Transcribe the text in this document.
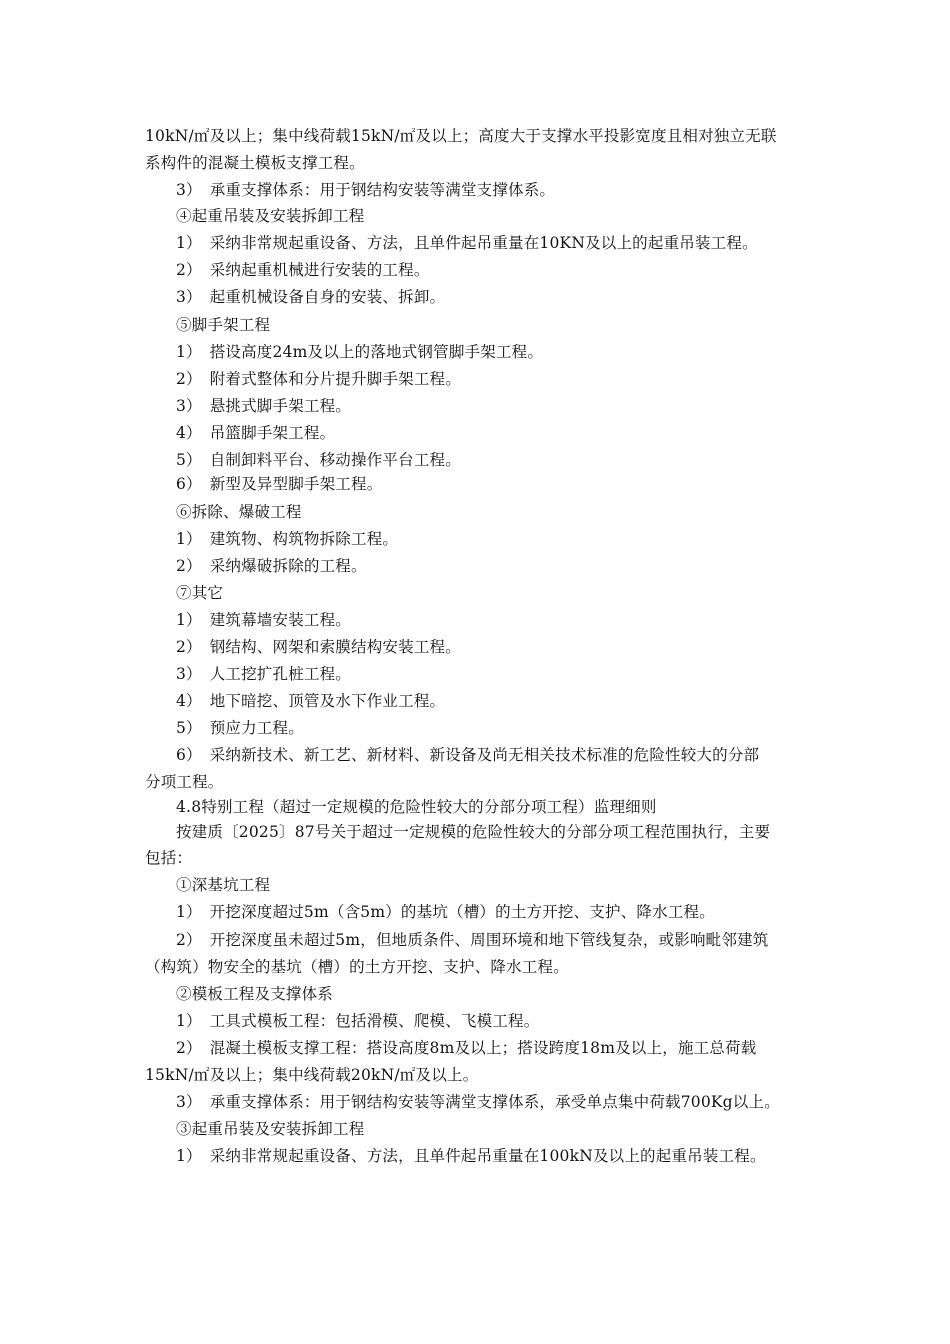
10kN/㎡及以上；集中线荷载15kN/㎡及以上；高度大于支撑水平投影宽度且相对独立无联
系构件的混凝土模板支撑工程。
3）　承重支撑体系：用于钢结构安装等满堂支撑体系。
④起重吊装及安装拆卸工程
1）　采纳非常规起重设备、方法，且单件起吊重量在10KN及以上的起重吊装工程。
2）　采纳起重机械进行安装的工程。
3）　起重机械设备自身的安装、拆卸。
⑤脚手架工程
1）　搭设高度24m及以上的落地式钢管脚手架工程。
2）　附着式整体和分片提升脚手架工程。
3）　悬挑式脚手架工程。
4）　吊篮脚手架工程。
5）　自制卸料平台、移动操作平台工程。
6）　新型及异型脚手架工程。
⑥拆除、爆破工程
1）　建筑物、构筑物拆除工程。
2）　采纳爆破拆除的工程。
⑦其它
1）　建筑幕墙安装工程。
2）　钢结构、网架和索膜结构安装工程。
3）　人工挖扩孔桩工程。
4）　地下暗挖、顶管及水下作业工程。
5）　预应力工程。
6）　采纳新技术、新工艺、新材料、新设备及尚无相关技术标准的危险性较大的分部
分项工程。
4.8特别工程（超过一定规模的危险性较大的分部分项工程）监理细则
按建质〔2025〕87号关于超过一定规模的危险性较大的分部分项工程范围执行，主要
包括：
①深基坑工程
1）　开挖深度超过5m（含5m）的基坑（槽）的土方开挖、支护、降水工程。
2）　开挖深度虽未超过5m，但地质条件、周围环境和地下管线复杂，或影响毗邻建筑
（构筑）物安全的基坑（槽）的土方开挖、支护、降水工程。
②模板工程及支撑体系
1）　工具式模板工程：包括滑模、爬模、飞模工程。
2）　混凝土模板支撑工程：搭设高度8m及以上；搭设跨度18m及以上，施工总荷载
15kN/㎡及以上；集中线荷载20kN/㎡及以上。
3）　承重支撑体系：用于钢结构安装等满堂支撑体系，承受单点集中荷载700Kg以上。
③起重吊装及安装拆卸工程
1）　采纳非常规起重设备、方法，且单件起吊重量在100kN及以上的起重吊装工程。
